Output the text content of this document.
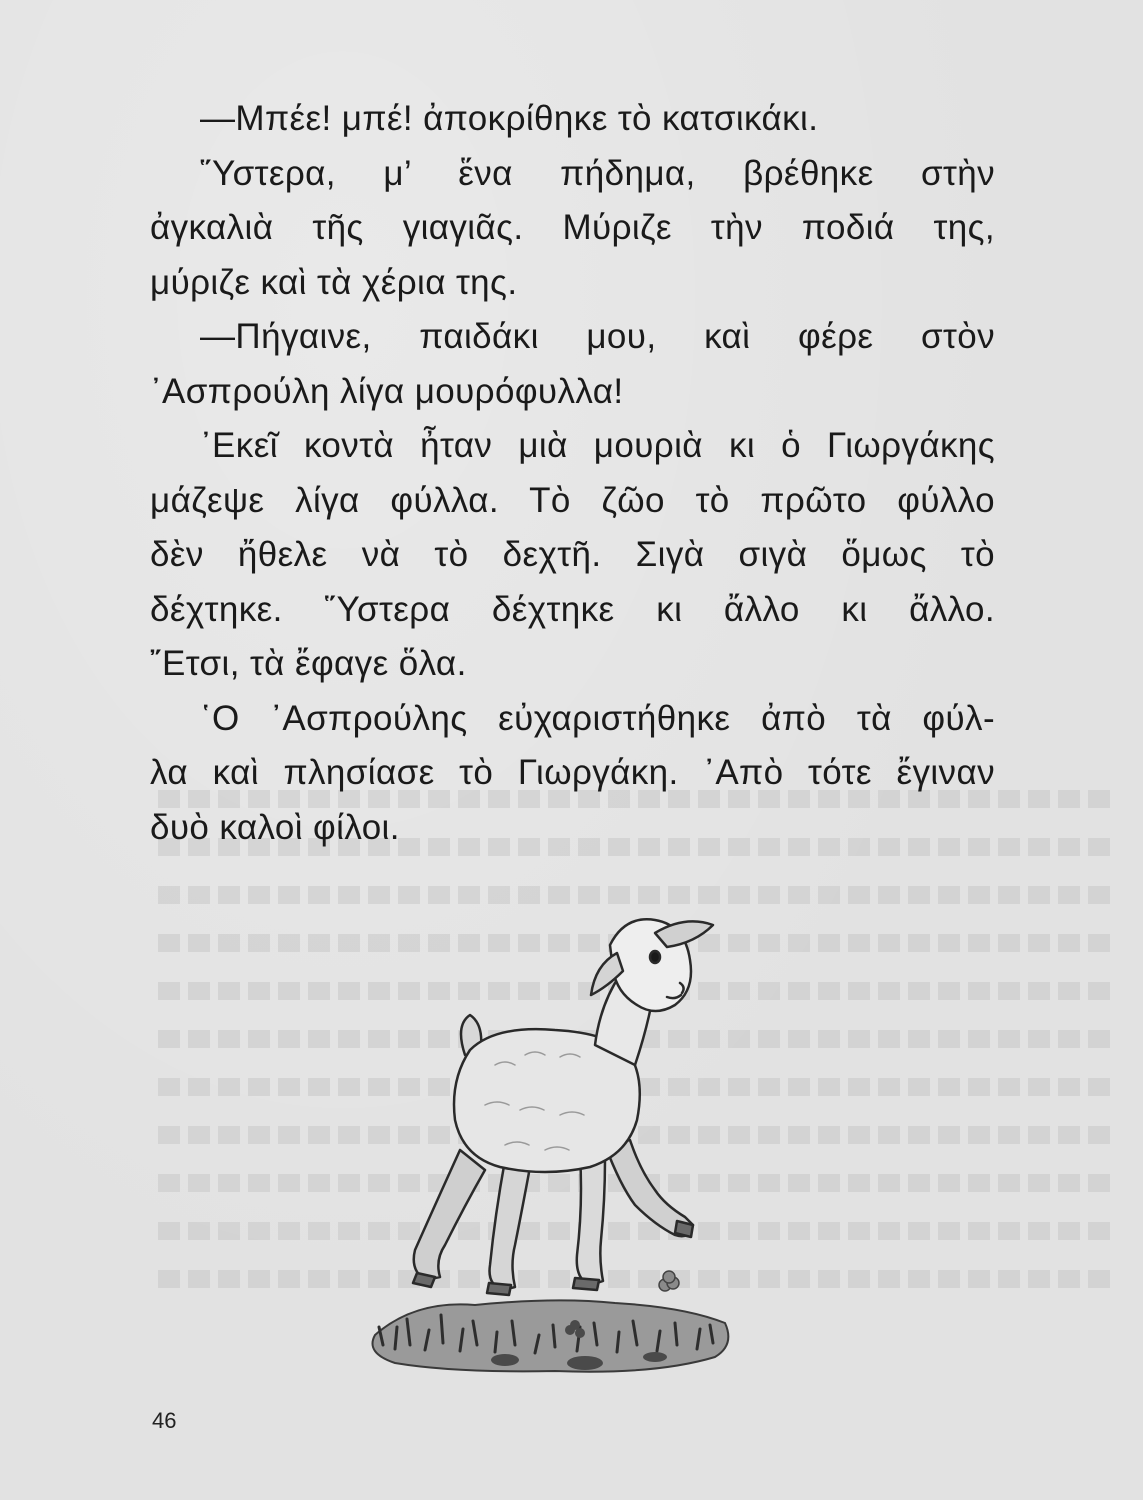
—Μπέε! μπέ! ἀποκρίθηκε τὸ κατσικάκι.
῞Υστερα, μ’ ἕνα πήδημα, βρέθηκε στὴν
ἀγκαλιὰ τῆς γιαγιᾶς. Μύριζε τὴν ποδιά της,
μύριζε καὶ τὰ χέρια της.
—Πήγαινε, παιδάκι μου, καὶ φέρε στὸν
᾿Ασπρούλη λίγα μουρόφυλλα!
᾿Εκεῖ κοντὰ ἦταν μιὰ μουριὰ κι ὁ Γιωργάκης
μάζεψε λίγα φύλλα. Τὸ ζῶο τὸ πρῶτο φύλλο
δὲν ἤθελε νὰ τὸ δεχτῆ. Σιγὰ σιγὰ ὅμως τὸ
δέχτηκε. ῞Υστερα δέχτηκε κι ἄλλο κι ἄλλο.
῎Ετσι, τὰ ἔφαγε ὅλα.
῾Ο ᾿Ασπρούλης εὐχαριστήθηκε ἀπὸ τὰ φύλ-
λα καὶ πλησίασε τὸ Γιωργάκη. ᾿Απὸ τότε ἔγιναν
δυὸ καλοὶ φίλοι.
46
